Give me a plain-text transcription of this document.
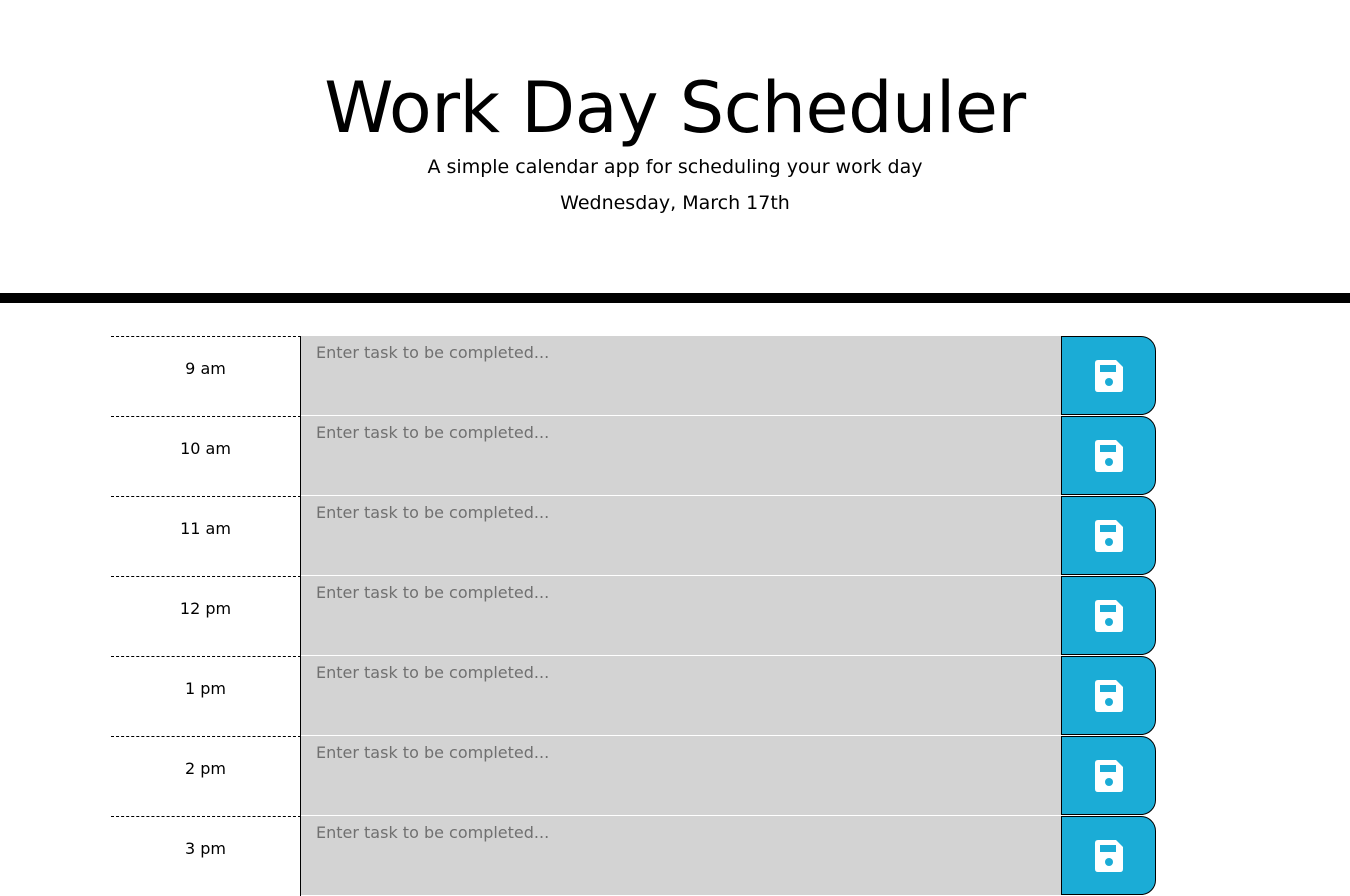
Work Day Scheduler

A simple calendar app for scheduling your work day

Wednesday, March 17th

9 am
Enter task to be completed...
10 am
Enter task to be completed...
11 am
Enter task to be completed...
12 pm
Enter task to be completed...
1 pm
Enter task to be completed...
2 pm
Enter task to be completed...
3 pm
Enter task to be completed...
